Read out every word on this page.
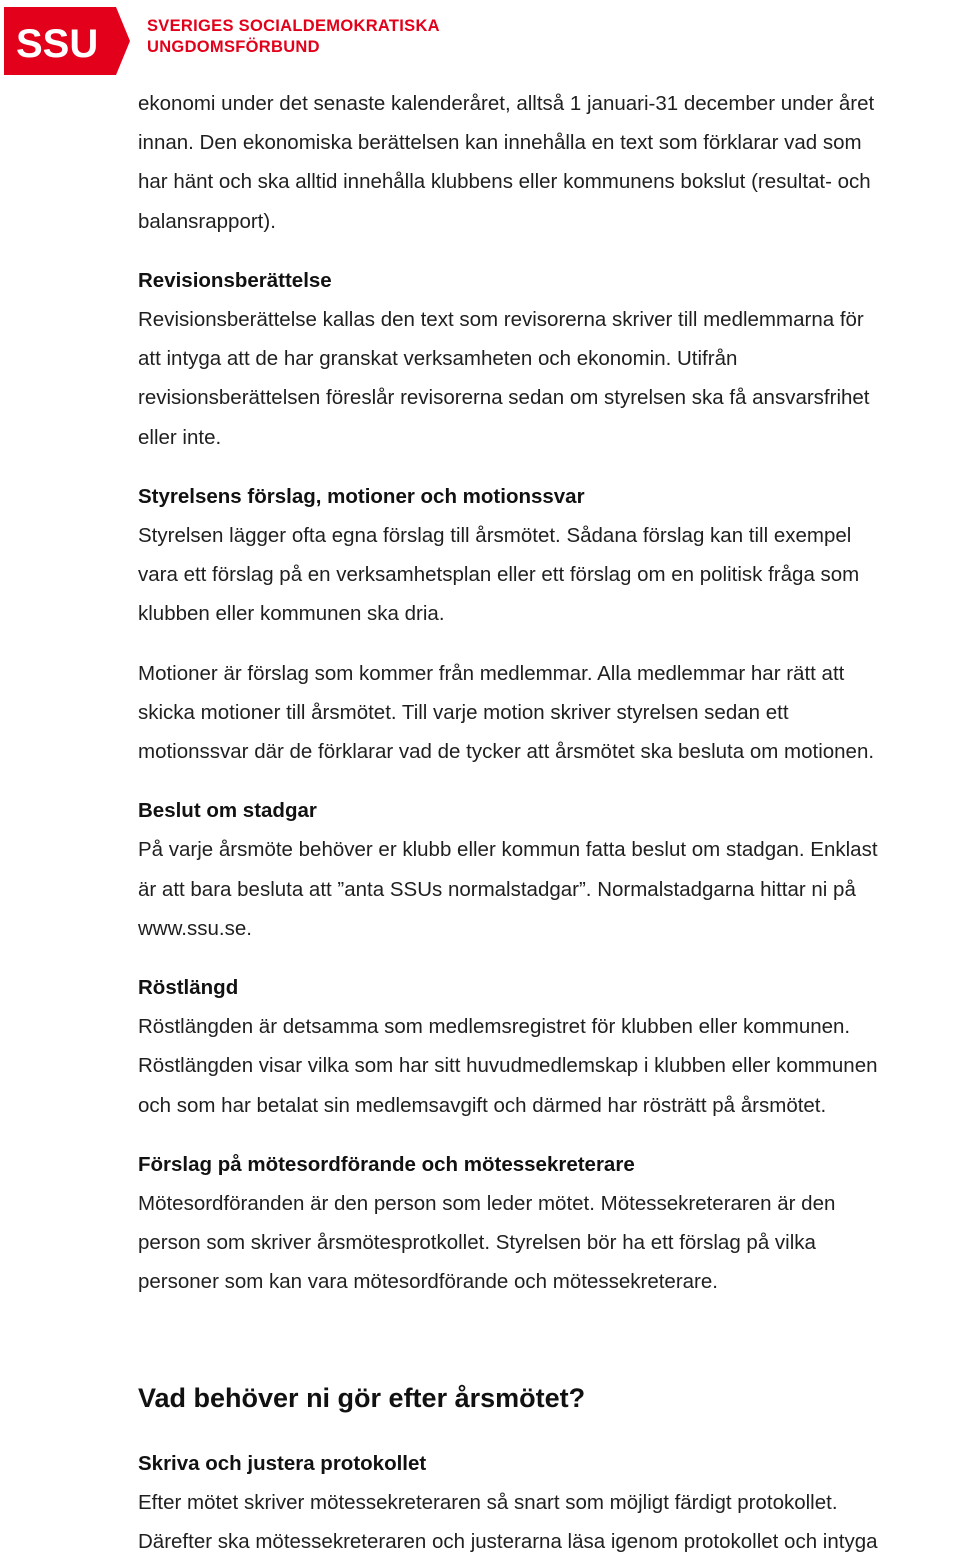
SSU	SVERIGES SOCIALDEMOKRATISKA
UNGDOMSFÖRBUND

ekonomi under det senaste kalenderåret, alltså 1 januari-31 december under året
innan. Den ekonomiska berättelsen kan innehålla en text som förklarar vad som
har hänt och ska alltid innehålla klubbens eller kommunens bokslut (resultat- och
balansrapport).

Revisionsberättelse

Revisionsberättelse kallas den text som revisorerna skriver till medlemmarna för
att intyga att de har granskat verksamheten och ekonomin. Utifrån
revisionsberättelsen föreslår revisorerna sedan om styrelsen ska få ansvarsfrihet
eller inte.

Styrelsens förslag, motioner och motionssvar

Styrelsen lägger ofta egna förslag till årsmötet. Sådana förslag kan till exempel
vara ett förslag på en verksamhetsplan eller ett förslag om en politisk fråga som
klubben eller kommunen ska dria.

Motioner är förslag som kommer från medlemmar. Alla medlemmar har rätt att
skicka motioner till årsmötet. Till varje motion skriver styrelsen sedan ett
motionssvar där de förklarar vad de tycker att årsmötet ska besluta om motionen.

Beslut om stadgar

På varje årsmöte behöver er klubb eller kommun fatta beslut om stadgan. Enklast
är att bara besluta att ”anta SSUs normalstadgar”. Normalstadgarna hittar ni på
www.ssu.se.

Röstlängd

Röstlängden är detsamma som medlemsregistret för klubben eller kommunen.
Röstlängden visar vilka som har sitt huvudmedlemskap i klubben eller kommunen
och som har betalat sin medlemsavgift och därmed har rösträtt på årsmötet.

Förslag på mötesordförande och mötessekreterare

Mötesordföranden är den person som leder mötet. Mötessekreteraren är den
person som skriver årsmötesprotkollet. Styrelsen bör ha ett förslag på vilka
personer som kan vara mötesordförande och mötessekreterare.

Vad behöver ni gör efter årsmötet?
Skriva och justera protokollet

Efter mötet skriver mötessekreteraren så snart som möjligt färdigt protokollet.
Därefter ska mötessekreteraren och justerarna läsa igenom protokollet och intyga
